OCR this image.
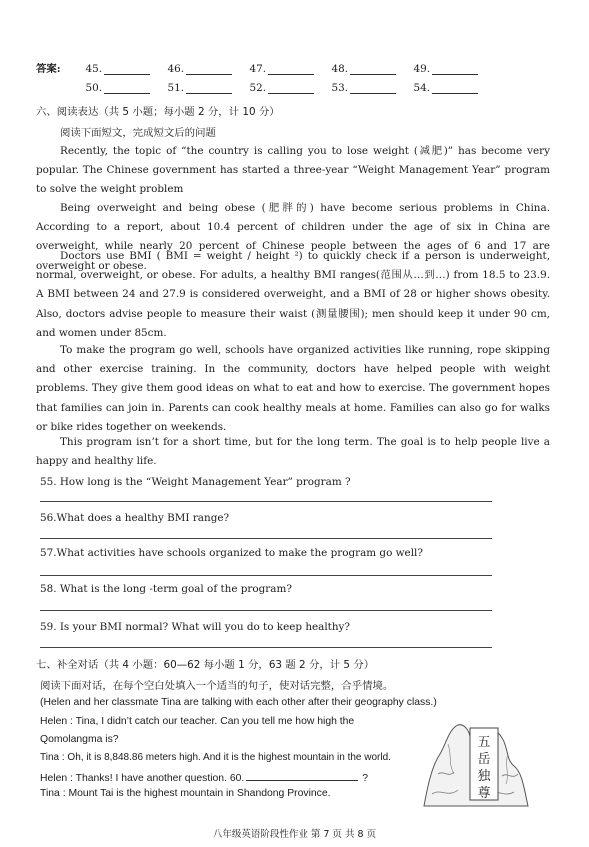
答案:	45.	46.	47.	48.	49.
50.	51.	52.	53.	54.
六、阅读表达（共 5 小题；每小题 2 分，计 10 分）
阅读下面短文，完成短文后的问题
Recently, the topic of “the country is calling you to lose weight (减肥)” has become very popular. The Chinese government has started a three-year “Weight Management Year” program to solve the weight problem
Being overweight and being obese (肥胖的) have become serious problems in China. According to a report, about 10.4 percent of children under the age of six in China are overweight, while nearly 20 percent of Chinese people between the ages of 6 and 17 are overweight or obese.
Doctors use BMI ( BMI = weight / height ²) to quickly check if a person is underweight, normal, overweight, or obese. For adults, a healthy BMI ranges(范围从…到…) from 18.5 to 23.9. A BMI between 24 and 27.9 is considered overweight, and a BMI of 28 or higher shows obesity. Also, doctors advise people to measure their waist (测量腰围); men should keep it under 90 cm, and women under 85cm.
To make the program go well, schools have organized activities like running, rope skipping and other exercise training. In the community, doctors have helped people with weight problems. They give them good ideas on what to eat and how to exercise. The government hopes that families can join in. Parents can cook healthy meals at home. Families can also go for walks or bike rides together on weekends.
This program isn’t for a short time, but for the long term. The goal is to help people live a happy and healthy life.
55. How long is the “Weight Management Year” program ?
56.What does a healthy BMI range?
57.What activities have schools organized to make the program go well?
58. What is the long -term goal of the program?
59. Is your BMI normal? What will you do to keep healthy?
七、补全对话（共 4 小题：60—62 每小题 1 分，63 题 2 分，计 5 分）
阅读下面对话，在每个空白处填入一个适当的句子，使对话完整，合乎情境。
(Helen and her classmate Tina are talking with each other after their geography class.)
Helen : Tina, I didn’t catch our teacher. Can you tell me how high the
Qomolangma is?
Tina : Oh, it is 8,848.86 meters high. And it is the highest mountain in the world.
Helen : Thanks! I have another question. 60.	?
Tina : Mount Tai is the highest mountain in Shandong Province.
五
岳
独
尊
八年级英语阶段性作业 第 7 页 共 8 页
